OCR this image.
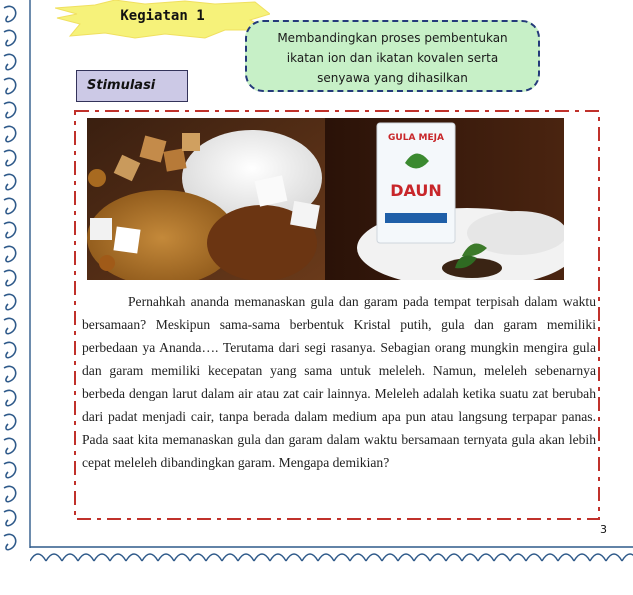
Kegiatan 1
Membandingkan proses pembentukan
ikatan ion dan ikatan kovalen serta
senyawa yang dihasilkan
Stimulasi
GULA MEJA
DAUN

Pernahkah ananda memanaskan gula dan garam pada tempat terpisah dalam waktu bersamaan? Meskipun sama-sama berbentuk Kristal putih, gula dan garam memiliki perbedaan ya Ananda…. Terutama dari segi rasanya. Sebagian orang mungkin mengira gula dan garam memiliki kecepatan yang sama untuk meleleh. Namun, meleleh sebenarnya berbeda dengan larut dalam air atau zat cair lainnya. Meleleh adalah ketika suatu zat berubah dari padat menjadi cair, tanpa berada dalam medium apa pun atau langsung terpapar panas. Pada saat kita memanaskan gula dan garam dalam waktu bersamaan ternyata gula akan lebih cepat meleleh dibandingkan garam. Mengapa demikian?

3
